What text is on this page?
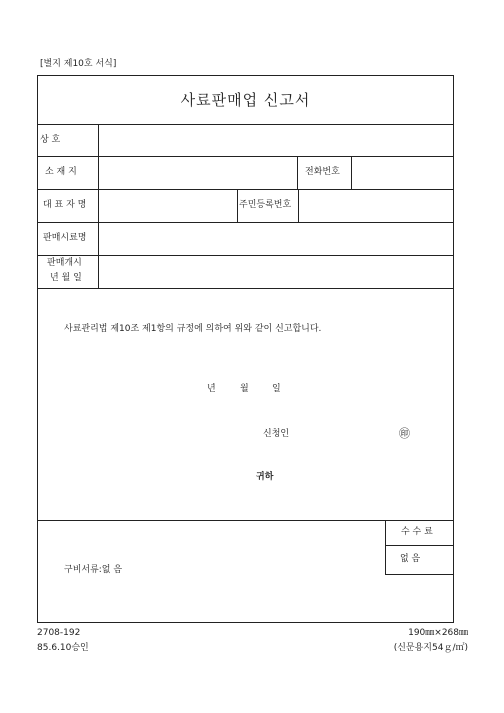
[별지 제10호 서식]
사료판매업 신고서
상 호
소 재 지	전화번호
대 표 자 명	주민등록번호
판매시료명
판매개시
년 월 일
사료관리법 제10조 제1항의 규정에 의하여 위와 같이 신고합니다.
년	월	일
신청인	㊞
귀하
구비서류:없 음
수 수 료
없 음
2708-192
85.6.10승인
190㎜×268㎜
(신문용지54ｇ/㎡)
